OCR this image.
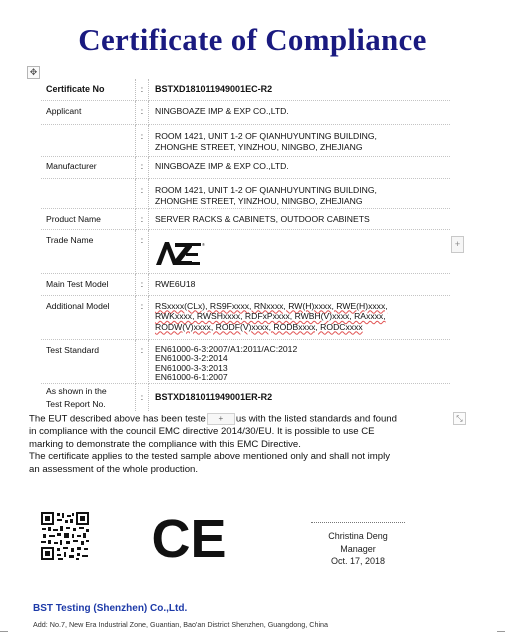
Certificate of Compliance
✥
Certificate No	:	BSTXD181011949001EC-R2
Applicant	:	NINGBOAZE IMP & EXP CO.,LTD.
	:	ROOM 1421, UNIT 1-2 OF QIANHUYUNTING BUILDING,
ZHONGHE STREET, YINZHOU, NINGBO, ZHEJIANG

Manufacturer	:	NINGBOAZE IMP & EXP CO.,LTD.
	:	ROOM 1421, UNIT 1-2 OF QIANHUYUNTING BUILDING,
ZHONGHE STREET, YINZHOU, NINGBO, ZHEJIANG

Product Name	:	SERVER RACKS & CABINETS, OUTDOOR CABINETS
Trade Name	:	®

Main Test Model	:	RWE6U18
Additional Model	:	RSxxxx(CLx), RS9Fxxxx, RNxxxx, RW(H)xxxx, RWE(H)xxxx,
RWKxxxx, RWSHxxxx, RDFxPxxxx, RWBH(V)xxxx, RAxxxx,
RODW(V)xxxx, RODF(V)xxxx, RODBxxxx, RODCxxxx

Test Standard	:	EN61000-6-3:2007/A1:2011/AC:2012
EN61000-3-2:2014
EN61000-3-3:2013
EN61000-6-1:2007

As shown in the
Test Report No.	:	BSTXD181011949001ER-R2
+

The EUT described above has been teste + us with the listed standards and found

in compliance with the council EMC directive 2014/30/EU. It is possible to use CE

marking to demonstrate the compliance with this EMC Directive.

The certificate applies to the tested sample above mentioned only and shall not imply

an assessment of the whole production.

⤡
CE	Christina Deng
Manager
Oct. 17, 2018
BST Testing (Shenzhen) Co.,Ltd.
Add: No.7, New Era Industrial Zone, Guantian, Bao'an District Shenzhen, Guangdong, China
